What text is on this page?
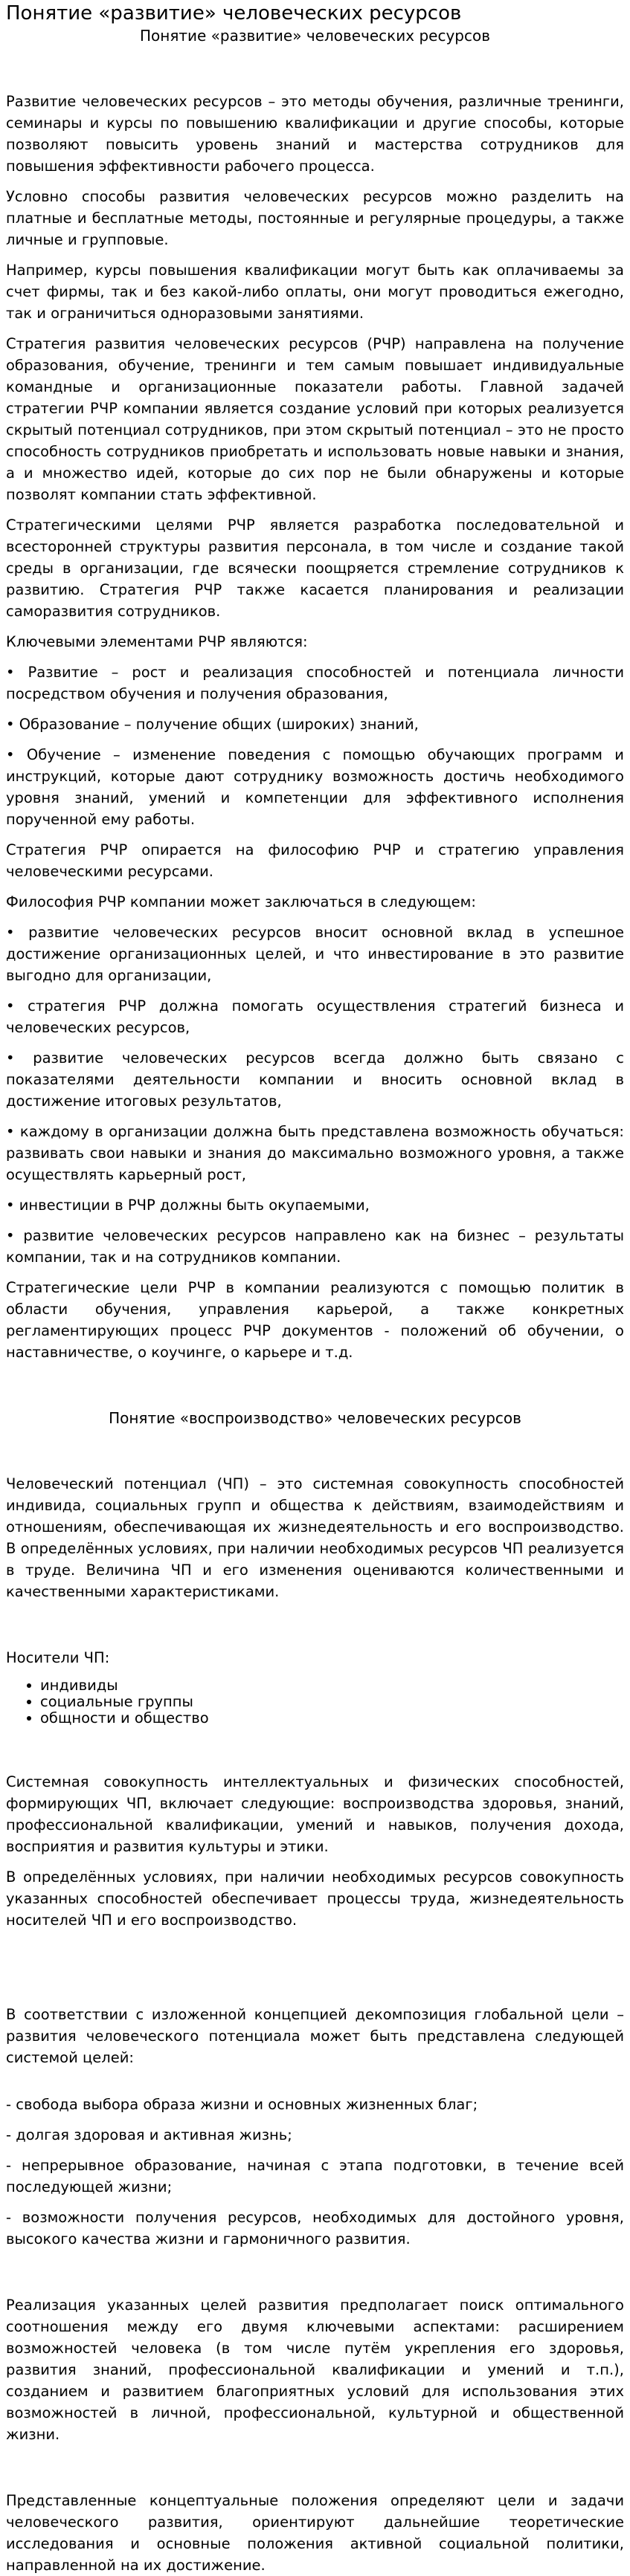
Понятие «развитие» человеческих ресурсов
Понятие «развитие» человеческих ресурсов

Развитие человеческих ресурсов – это методы обучения, различные тренинги, семинары и курсы по повышению квалификации и другие способы, которые позволяют повысить уровень знаний и мастерства сотрудников для повышения эффективности рабочего процесса.

Условно способы развития человеческих ресурсов можно разделить на платные и бесплатные методы, постоянные и регулярные процедуры, а также личные и групповые.

Например, курсы повышения квалификации могут быть как оплачиваемы за счет фирмы, так и без какой-либо оплаты, они могут проводиться ежегодно, так и ограничиться одноразовыми занятиями.

Стратегия развития человеческих ресурсов (РЧР) направлена на получение образования, обучение, тренинги и тем самым повышает индивидуальные командные и организационные показатели работы. Главной задачей стратегии РЧР компании является создание условий при которых реализуется скрытый потенциал сотрудников, при этом скрытый потенциал – это не просто способность сотрудников приобретать и использовать новые навыки и знания, а и множество идей, которые до сих пор не были обнаружены и которые позволят компании стать эффективной.

Стратегическими целями РЧР является разработка последовательной и всесторонней структуры развития персонала, в том числе и создание такой среды в организации, где всячески поощряется стремление сотрудников к развитию. Стратегия РЧР также касается планирования и реализации саморазвития сотрудников.

Ключевыми элементами РЧР являются:

• Развитие – рост и реализация способностей и потенциала личности посредством обучения и получения образования,

• Образование – получение общих (широких) знаний,

• Обучение – изменение поведения с помощью обучающих программ и инструкций, которые дают сотруднику возможность достичь необходимого уровня знаний, умений и компетенции для эффективного исполнения порученной ему работы.

Стратегия РЧР опирается на философию РЧР и стратегию управления человеческими ресурсами.

Философия РЧР компании может заключаться в следующем:

• развитие человеческих ресурсов вносит основной вклад в успешное достижение организационных целей, и что инвестирование в это развитие выгодно для организации,

• стратегия РЧР должна помогать осуществления стратегий бизнеса и человеческих ресурсов,

• развитие человеческих ресурсов всегда должно быть связано с показателями деятельности компании и вносить основной вклад в достижение итоговых результатов,

• каждому в организации должна быть представлена возможность обучаться: развивать свои навыки и знания до максимально возможного уровня, а также осуществлять карьерный рост,

• инвестиции в РЧР должны быть окупаемыми,

• развитие человеческих ресурсов направлено как на бизнес – результаты компании, так и на сотрудников компании.

Стратегические цели РЧР в компании реализуются с помощью политик в области обучения, управления карьерой, а также конкретных регламентирующих процесс РЧР документов - положений об обучении, о наставничестве, о коучинге, о карьере и т.д.

Понятие «воспроизводство» человеческих ресурсов

Человеческий потенциал (ЧП) – это системная совокупность способностей индивида, социальных групп и общества к действиям, взаимодействиям и отношениям, обеспечивающая их жизнедеятельность и его воспроизводство. В определённых условиях, при наличии необходимых ресурсов ЧП реализуется в труде. Величина ЧП и его изменения оцениваются количественными и качественными характеристиками.

Носители ЧП:

индивиды
социальные группы
общности и общество

Системная совокупность интеллектуальных и физических способностей, формирующих ЧП, включает следующие: воспроизводства здоровья, знаний, профессиональной квалификации, умений и навыков, получения дохода, восприятия и развития культуры и этики.

В определённых условиях, при наличии необходимых ресурсов совокупность указанных способностей обеспечивает процессы труда, жизнедеятельность носителей ЧП и его воспроизводство.

В соответствии с изложенной концепцией декомпозиция глобальной цели – развития человеческого потенциала может быть представлена следующей системой целей:

- свобода выбора образа жизни и основных жизненных благ;

- долгая здоровая и активная жизнь;

- непрерывное образование, начиная с этапа подготовки, в течение всей последующей жизни;

- возможности получения ресурсов, необходимых для достойного уровня, высокого качества жизни и гармоничного развития.

Реализация указанных целей развития предполагает поиск оптимального соотношения между его двумя ключевыми аспектами: расширением возможностей человека (в том числе путём укрепления его здоровья, развития знаний, профессиональной квалификации и умений и т.п.), созданием и развитием благоприятных условий для использования этих возможностей в личной, профессиональной, культурной и общественной жизни.

Представленные концептуальные положения определяют цели и задачи человеческого развития, ориентируют дальнейшие теоретические исследования и основные положения активной социальной политики, направленной на их достижение.
